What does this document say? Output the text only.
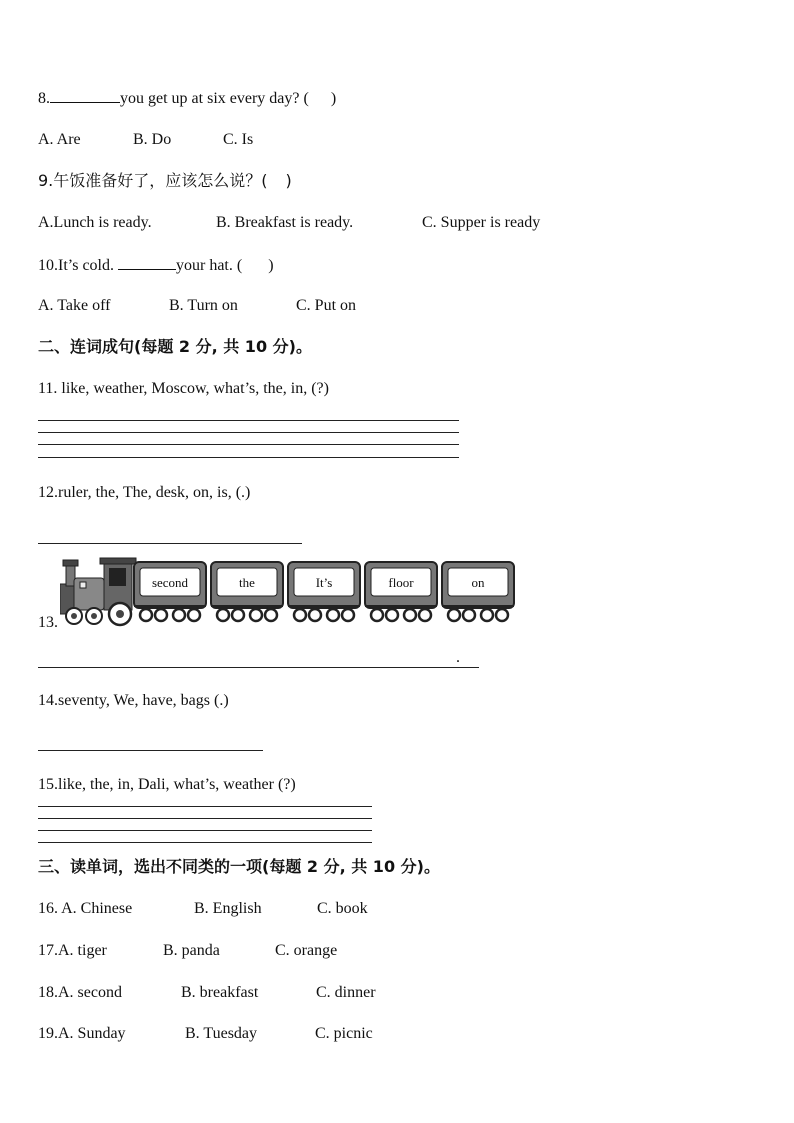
8.	you get up at six every day? ( )
A. Are	B. Do	C. Is
9.午饭准备好了，应该怎么说？( )
A.Lunch is ready.	B. Breakfast is ready.	C. Supper is ready
10.It’s cold.	your hat. ( )
A. Take off	B. Turn on	C. Put on
二、连词成句(每题 2 分, 共 10 分)。
11. like, weather, Moscow, what’s, the, in, (?)
12.ruler, the, The, desk, on, is, (.)
13.
second	the	It’s	floor	on
.
14.seventy, We, have, bags (.)
15.like, the, in, Dali, what’s, weather (?)
三、读单词，选出不同类的一项(每题 2 分, 共 10 分)。
16. A. Chinese	B. English	C. book
17.A. tiger	B. panda	C. orange
18.A. second	B. breakfast	C. dinner
19.A. Sunday	B. Tuesday	C. picnic
